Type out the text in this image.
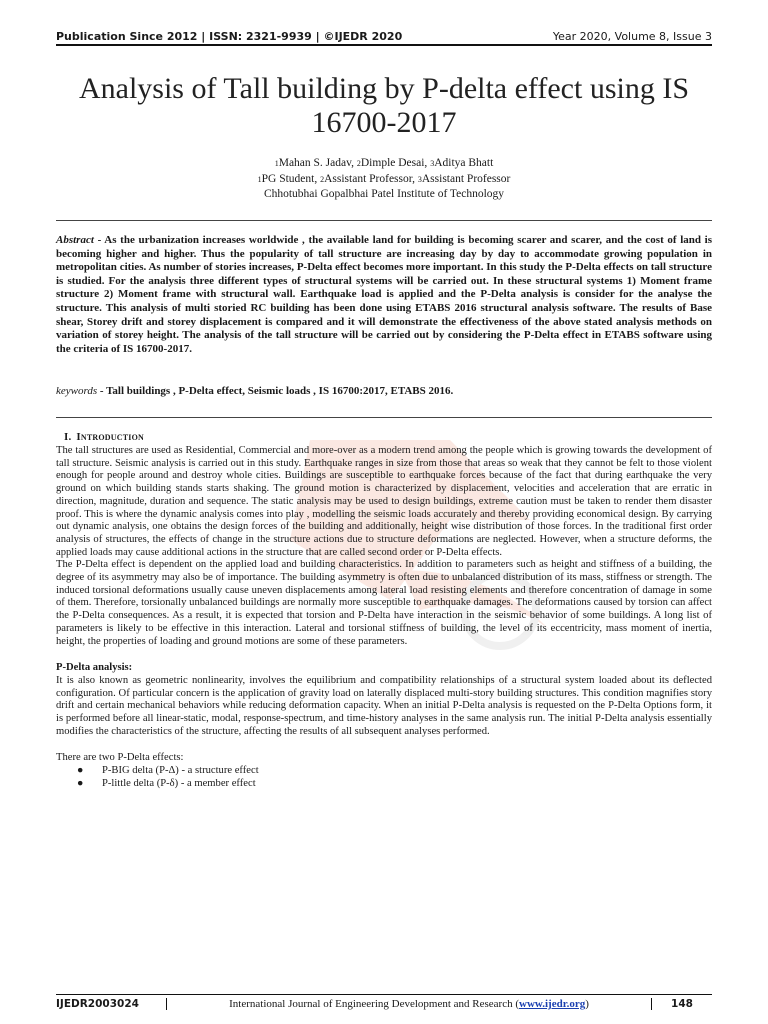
Publication Since 2012 | ISSN: 2321-9939 | ©IJEDR 2020	Year 2020, Volume 8, Issue 3
Analysis of Tall building by P-delta effect using IS 16700-2017
1Mahan S. Jadav, 2Dimple Desai, 3Aditya Bhatt
1PG Student, 2Assistant Professor, 3Assistant Professor
Chhotubhai Gopalbhai Patel Institute of Technology
Abstract - As the urbanization increases worldwide , the available land for building is becoming scarer and scarer, and the cost of land is becoming higher and higher. Thus the popularity of tall structure are increasing day by day to accommodate growing population in metropolitan cities. As number of stories increases, P-Delta effect becomes more important. In this study the P-Delta effects on tall structure is studied. For the analysis three different types of structural systems will be carried out. In these structural systems 1) Moment frame structure 2) Moment frame with structural wall. Earthquake load is applied and the P-Delta analysis is consider for the analyse the structure. This analysis of multi storied RC building has been done using ETABS 2016 structural analysis software. The results of Base shear, Storey drift and storey displacement is compared and it will demonstrate the effectiveness of the above stated analysis methods on variation of storey height. The analysis of the tall structure will be carried out by considering the P-Delta effect in ETABS software using the criteria of IS 16700-2017.
keywords - Tall buildings , P-Delta effect, Seismic loads , IS 16700:2017, ETABS 2016.
I. Introduction

The tall structures are used as Residential, Commercial and more-over as a modern trend among the people which is growing towards the development of tall structure. Seismic analysis is carried out in this study. Earthquake ranges in size from those that areas so weak that they cannot be felt to those violent enough for people around and destroy whole cities. Buildings are susceptible to earthquake forces because of the fact that during earthquake the very ground on which building stands starts shaking. The ground motion is characterized by displacement, velocities and acceleration that are erratic in direction, magnitude, duration and sequence. The static analysis may be used to design buildings, extreme caution must be taken to render them disaster proof. This is where the dynamic analysis comes into play , modelling the seismic loads accurately and thereby providing economical design. By carrying out dynamic analysis, one obtains the design forces of the building and additionally, height wise distribution of those forces. In the traditional first order analysis of structures, the effects of change in the structure actions due to structure deformations are neglected. However, when a structure deforms, the applied loads may cause additional actions in the structure that are called second order or P-Delta effects.

The P-Delta effect is dependent on the applied load and building characteristics. In addition to parameters such as height and stiffness of a building, the degree of its asymmetry may also be of importance. The building asymmetry is often due to unbalanced distribution of its mass, stiffness or strength. The induced torsional deformations usually cause uneven displacements among lateral load resisting elements and therefore concentration of damage in some of them. Therefore, torsionally unbalanced buildings are normally more susceptible to earthquake damages. The deformations caused by torsion can affect the P-Delta consequences. As a result, it is expected that torsion and P-Delta have interaction in the seismic behavior of some buildings. A long list of parameters is likely to be effective in this interaction. Lateral and torsional stiffness of building, the level of its eccentricity, mass moment of inertia, height, the properties of loading and ground motions are some of these parameters.

P-Delta analysis:

It is also known as geometric nonlinearity, involves the equilibrium and compatibility relationships of a structural system loaded about its deflected configuration. Of particular concern is the application of gravity load on laterally displaced multi-story building structures. This condition magnifies story drift and certain mechanical behaviors while reducing deformation capacity. When an initial P-Delta analysis is requested on the P-Delta Options form, it is performed before all linear-static, modal, response-spectrum, and time-history analyses in the same analysis run. The initial P-Delta analysis essentially modifies the characteristics of the structure, affecting the results of all subsequent analyses performed.

There are two P-Delta effects:

● P-BIG delta (P-Δ) - a structure effect
● P-little delta (P-δ) - a member effect
IJEDR2003024	International Journal of Engineering Development and Research (www.ijedr.org)	148
